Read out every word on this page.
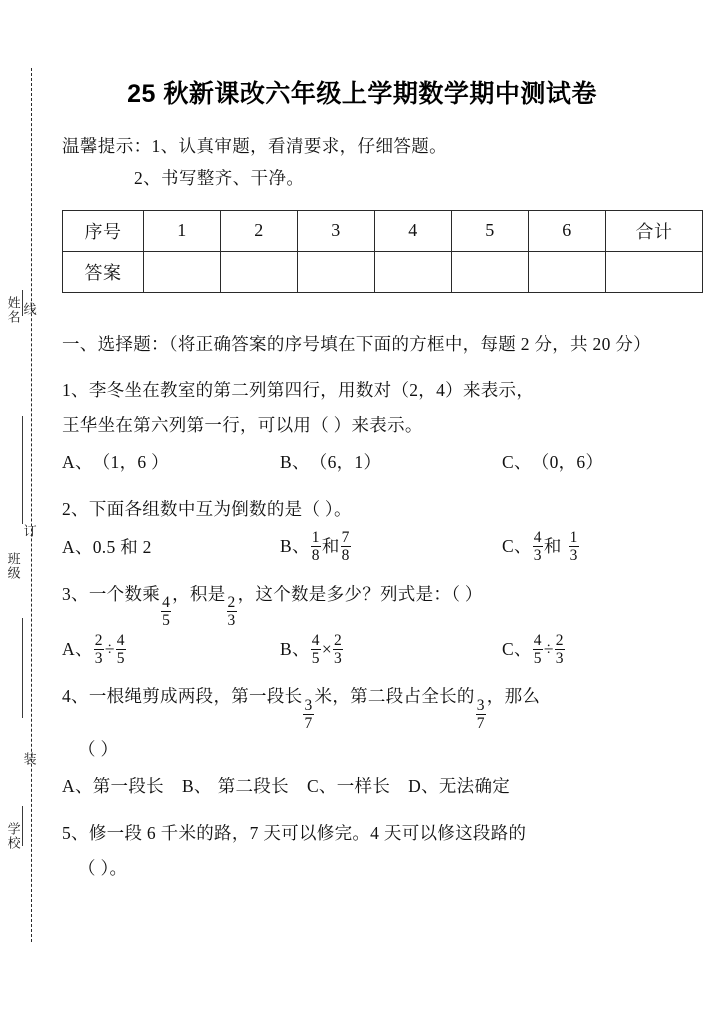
姓名 线
班级
订
学校
装
25 秋新课改六年级上学期数学期中测试卷
温馨提示：1、认真审题，看清要求，仔细答题。
2、书写整齐、干净。
序号	1	2	3	4	5	6	合计
答案							
一、选择题：（将正确答案的序号填在下面的方框中，每题 2 分，共 20 分）
1、李冬坐在教室的第二列第四行，用数对（2，4）来表示，
王华坐在第六列第一行，可以用（ ）来表示。
A、 （1，6 ）	B、 （6，1）	C、 （0，6）
2、下面各组数中互为倒数的是（ ）。
A、 0.5 和 2	B、 $\frac{1}{8}$ 和 $\frac{7}{8}$	C、 $\frac{4}{3}$ 和 $\frac{1}{3}$
3、一个数乘
$\frac{4}{5}$
，积是
$\frac{2}{3}$
，这个数是多少？列式是：（ ）
A、 $\frac{2}{3} \div \frac{4}{5}$	B、 $\frac{4}{5} \times \frac{2}{3}$	C、 $\frac{4}{5} \div \frac{2}{3}$
4、一根绳剪成两段，第一段长
$\frac{3}{7}$
米，第二段占全长的
$\frac{3}{7}$
，那么
（ ）
A、 第一段长 B、 第二段长 C、 一样长 D、 无法确定
5、修一段 6 千米的路，7 天可以修完。4 天可以修这段路的
（ ）。
